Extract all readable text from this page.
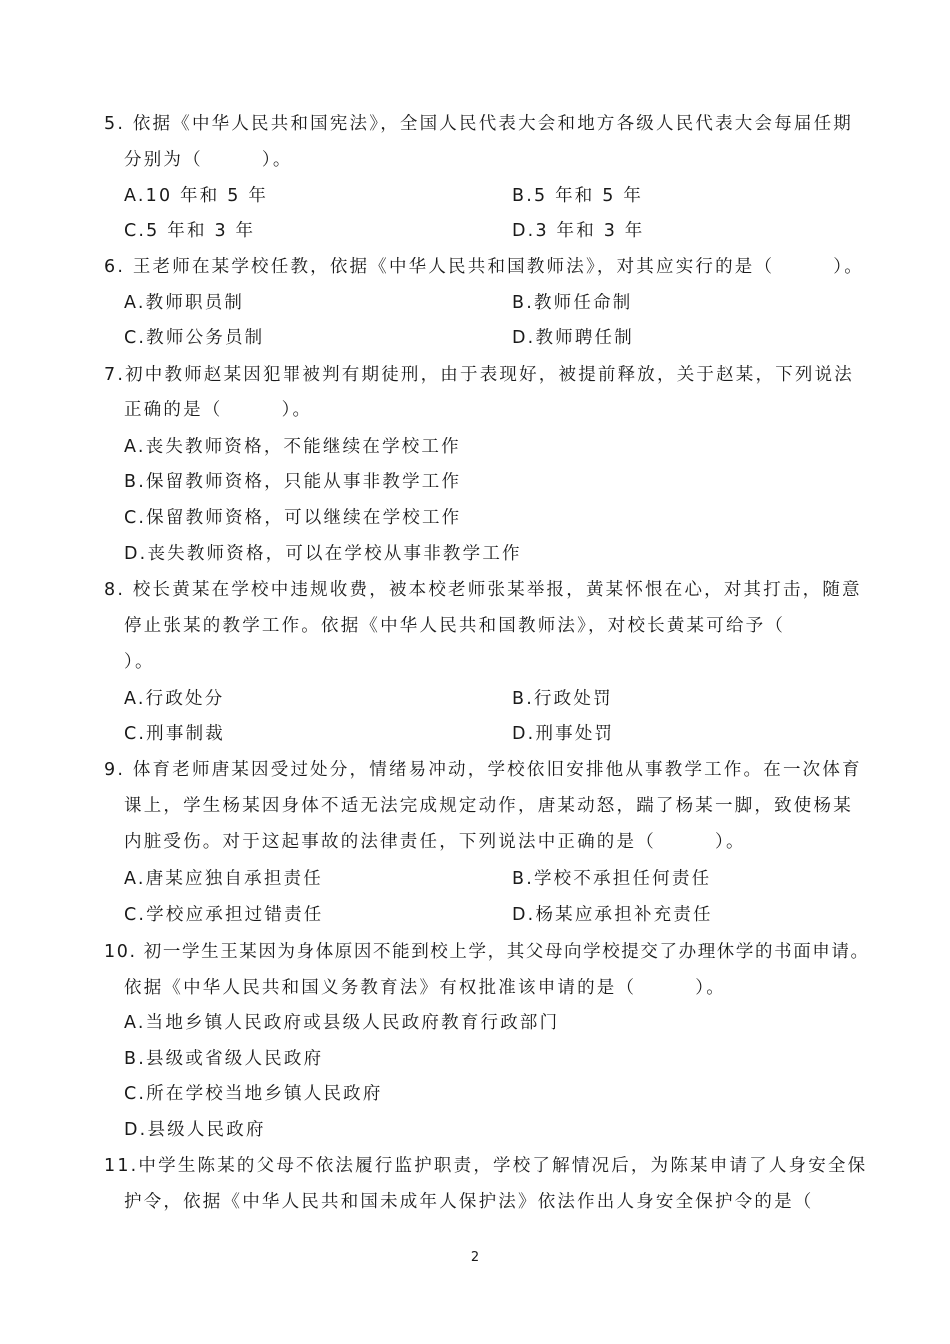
5. 依据《中华人民共和国宪法》，全国人民代表大会和地方各级人民代表大会每届任期
分别为（　　　）。
A.10 年和 5 年	B.5 年和 5 年
C.5 年和 3 年	D.3 年和 3 年
6. 王老师在某学校任教，依据《中华人民共和国教师法》，对其应实行的是（　　　）。
A.教师职员制	B.教师任命制
C.教师公务员制	D.教师聘任制
7.初中教师赵某因犯罪被判有期徒刑，由于表现好，被提前释放，关于赵某，下列说法
正确的是（　　　）。
A.丧失教师资格，不能继续在学校工作
B.保留教师资格，只能从事非教学工作
C.保留教师资格，可以继续在学校工作
D.丧失教师资格，可以在学校从事非教学工作
8. 校长黄某在学校中违规收费，被本校老师张某举报，黄某怀恨在心，对其打击，随意
停止张某的教学工作。依据《中华人民共和国教师法》，对校长黄某可给予（
）。
A.行政处分	B.行政处罚
C.刑事制裁	D.刑事处罚
9. 体育老师唐某因受过处分，情绪易冲动，学校依旧安排他从事教学工作。在一次体育
课上，学生杨某因身体不适无法完成规定动作，唐某动怒，踹了杨某一脚，致使杨某
内脏受伤。对于这起事故的法律责任，下列说法中正确的是（　　　）。
A.唐某应独自承担责任	B.学校不承担任何责任
C.学校应承担过错责任	D.杨某应承担补充责任
10. 初一学生王某因为身体原因不能到校上学，其父母向学校提交了办理休学的书面申请。
依据《中华人民共和国义务教育法》有权批准该申请的是（　　　）。
A.当地乡镇人民政府或县级人民政府教育行政部门
B.县级或省级人民政府
C.所在学校当地乡镇人民政府
D.县级人民政府
11.中学生陈某的父母不依法履行监护职责，学校了解情况后，为陈某申请了人身安全保
护令，依据《中华人民共和国未成年人保护法》依法作出人身安全保护令的是（
2
